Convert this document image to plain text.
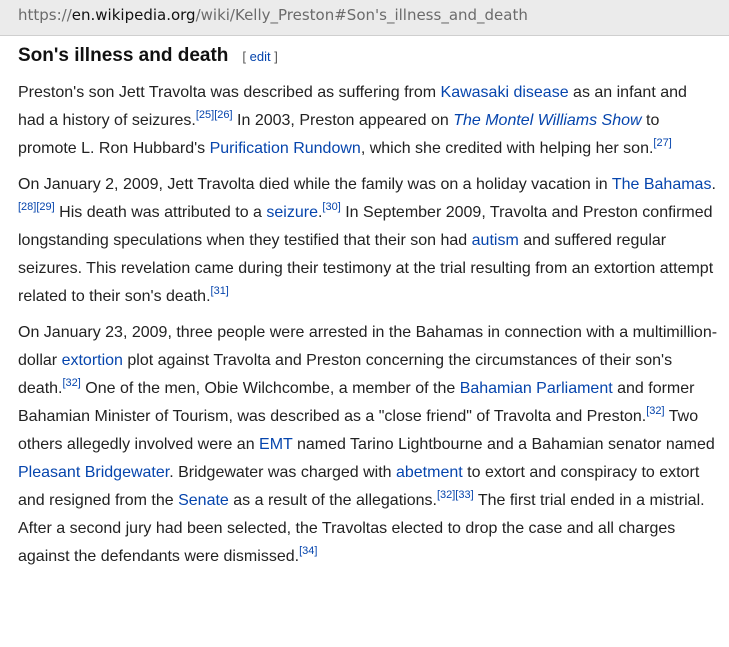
https://en.wikipedia.org/wiki/Kelly_Preston#Son's_illness_and_death
Son's illness and death [ edit ]

Preston's son Jett Travolta was described as suffering from Kawasaki disease as an infant and had a history of seizures.[25][26] In 2003, Preston appeared on The Montel Williams Show to promote L. Ron Hubbard's Purification Rundown, which she credited with helping her son.[27]

On January 2, 2009, Jett Travolta died while the family was on a holiday vacation in The Bahamas.[28][29] His death was attributed to a seizure.[30] In September 2009, Travolta and Preston confirmed longstanding speculations when they testified that their son had autism and suffered regular seizures. This revelation came during their testimony at the trial resulting from an extortion attempt related to their son's death.[31]

On January 23, 2009, three people were arrested in the Bahamas in connection with a multimillion-dollar extortion plot against Travolta and Preston concerning the circumstances of their son's death.[32] One of the men, Obie Wilchcombe, a member of the Bahamian Parliament and former Bahamian Minister of Tourism, was described as a "close friend" of Travolta and Preston.[32] Two others allegedly involved were an EMT named Tarino Lightbourne and a Bahamian senator named Pleasant Bridgewater. Bridgewater was charged with abetment to extort and conspiracy to extort and resigned from the Senate as a result of the allegations.[32][33] The first trial ended in a mistrial. After a second jury had been selected, the Travoltas elected to drop the case and all charges against the defendants were dismissed.[34]
